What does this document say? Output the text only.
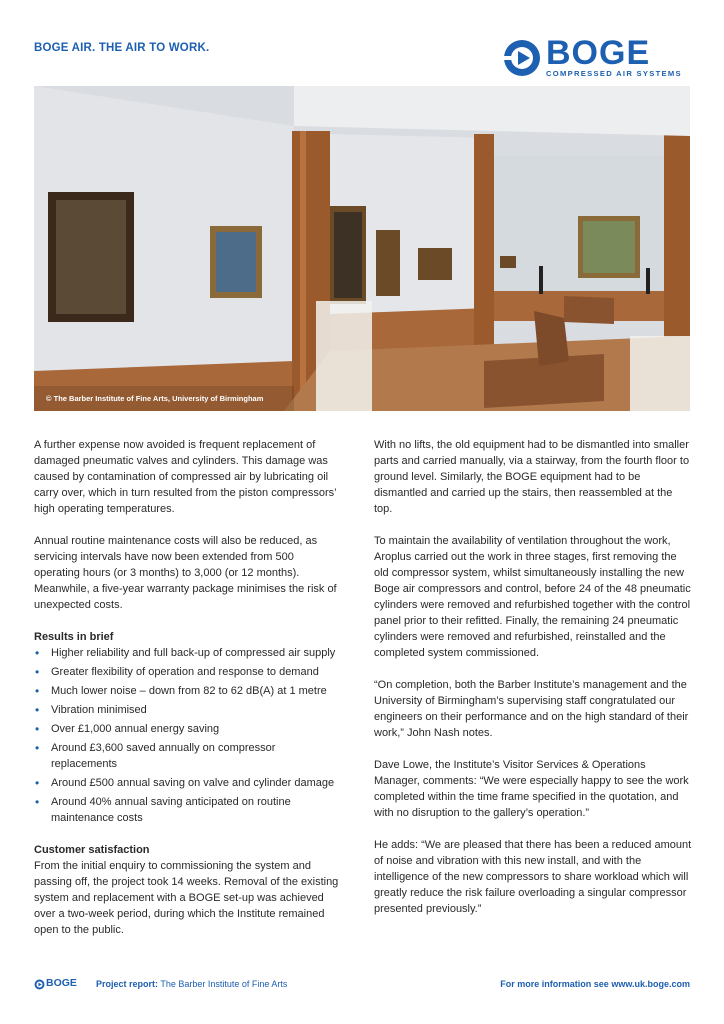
BOGE AIR. THE AIR TO WORK.	BOGE
COMPRESSED AIR SYSTEMS
© The Barber Institute of Fine Arts, University of Birmingham

A further expense now avoided is frequent replacement of damaged pneumatic valves and cylinders. This damage was caused by contamination of compressed air by lubricating oil carry over, which in turn resulted from the piston compressors’ high operating temperatures.

Annual routine maintenance costs will also be reduced, as servicing intervals have now been extended from 500 operating hours (or 3 months) to 3,000 (or 12 months). Meanwhile, a five-year warranty package minimises the risk of unexpected costs.

Results in brief
• Higher reliability and full back-up of compressed air supply
• Greater flexibility of operation and response to demand
• Much lower noise – down from 82 to 62 dB(A) at 1 metre
• Vibration minimised
• Over £1,000 annual energy saving
• Around £3,600 saved annually on compressor replacements
• Around £500 annual saving on valve and cylinder damage
• Around 40% annual saving anticipated on routine maintenance costs
Customer satisfaction

From the initial enquiry to commissioning the system and passing off, the project took 14 weeks. Removal of the existing system and replacement with a BOGE set-up was achieved over a two-week period, during which the Institute remained open to the public.

With no lifts, the old equipment had to be dismantled into smaller parts and carried manually, via a stairway, from the fourth floor to ground level. Similarly, the BOGE equipment had to be dismantled and carried up the stairs, then reassembled at the top.

To maintain the availability of ventilation throughout the work, Aroplus carried out the work in three stages, first removing the old compressor system, whilst simultaneously installing the new Boge air compressors and control, before 24 of the 48 pneumatic cylinders were removed and refurbished together with the control panel prior to their refitted. Finally, the remaining 24 pneumatic cylinders were removed and refurbished, reinstalled and the completed system commissioned.

“On completion, both the Barber Institute’s management and the University of Birmingham’s supervising staff congratulated our engineers on their performance and on the high standard of their work,” John Nash notes.

Dave Lowe, the Institute’s Visitor Services & Operations Manager, comments: “We were especially happy to see the work completed within the time frame specified in the quotation, and with no disruption to the gallery’s operation.”

He adds: “We are pleased that there has been a reduced amount of noise and vibration with this new install, and with the intelligence of the new compressors to share workload which will greatly reduce the risk failure overloading a singular compressor presented previously.”

BOGE Project report: The Barber Institute of Fine Arts	For more information see www.uk.boge.com
